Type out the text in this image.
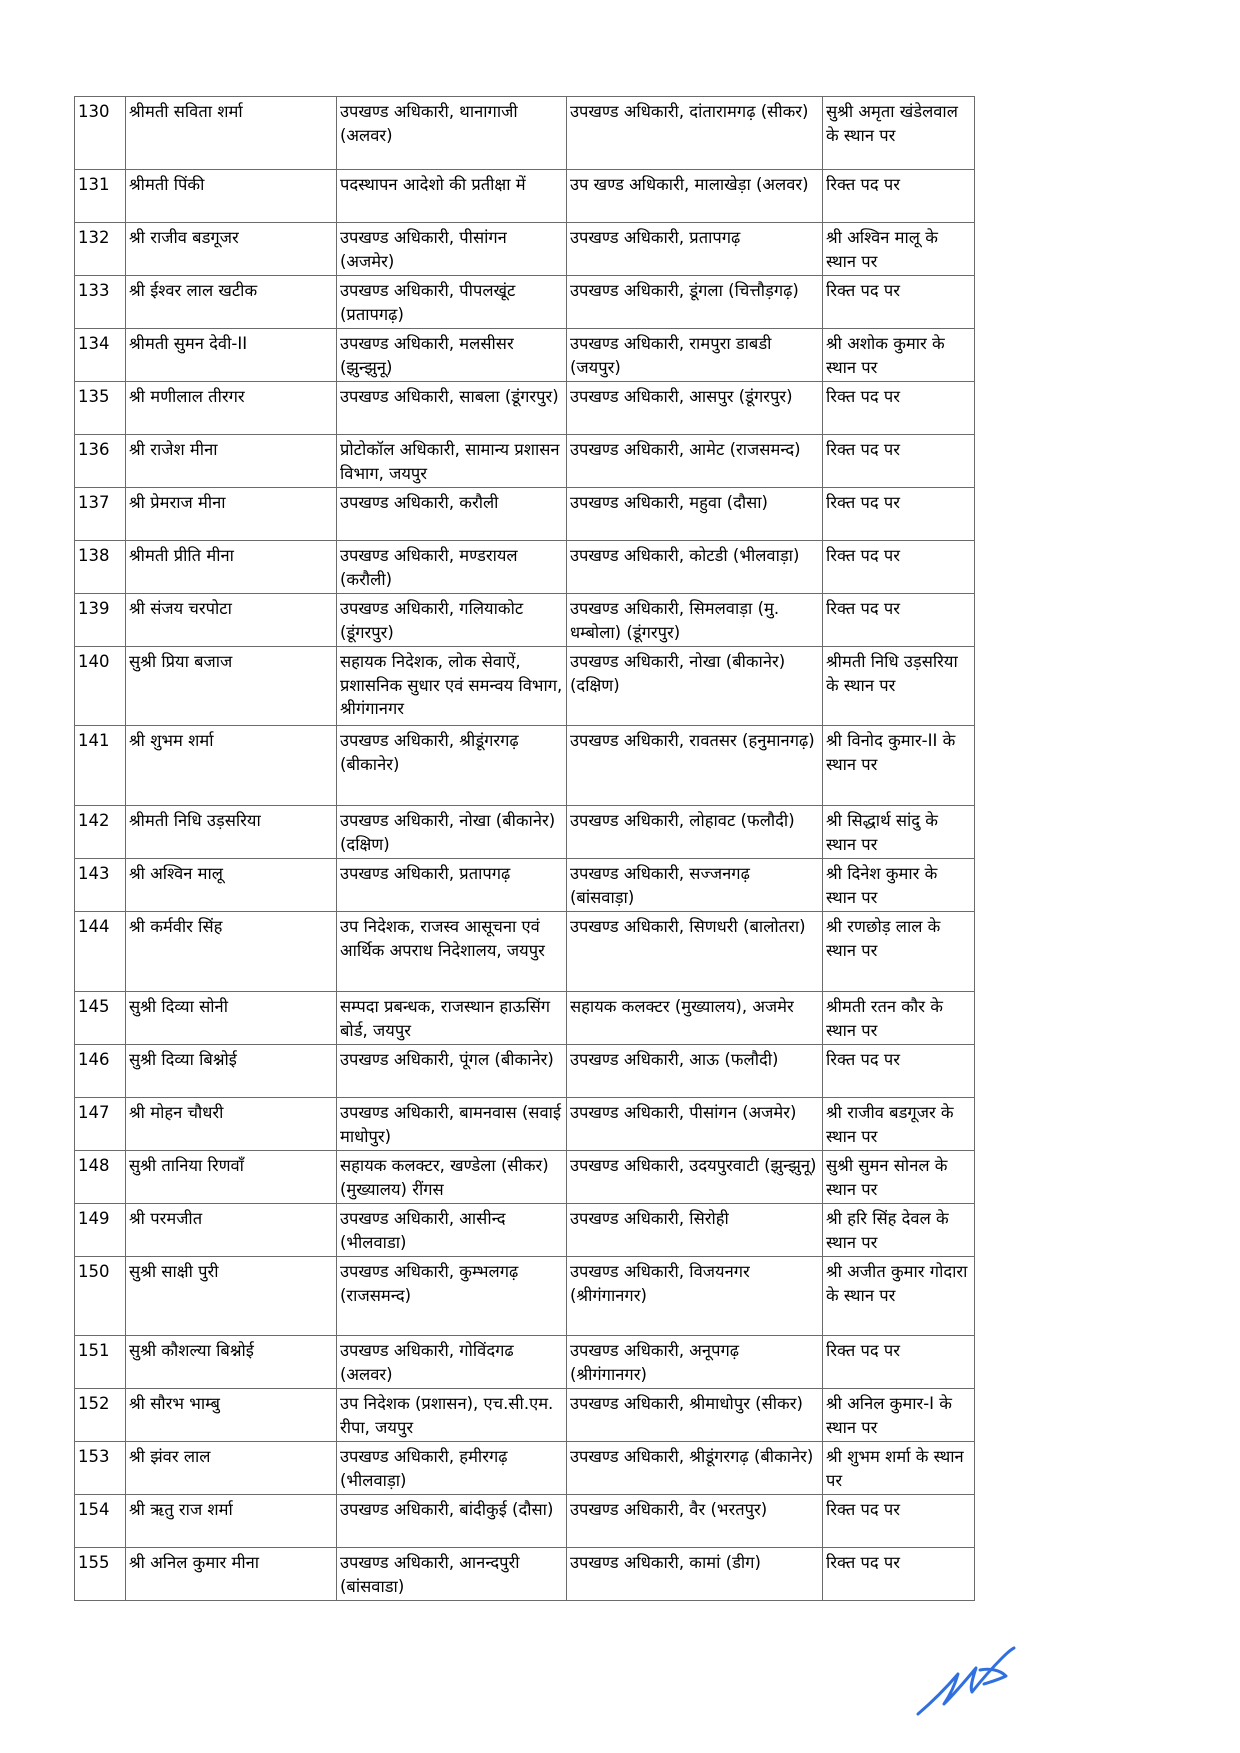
130	श्रीमती सविता शर्मा	उपखण्ड अधिकारी, थानागाजी (अलवर)	उपखण्ड अधिकारी, दांतारामगढ़ (सीकर)	सुश्री अमृता खंडेलवाल के स्थान पर
131	श्रीमती पिंकी	पदस्थापन आदेशो की प्रतीक्षा में	उप खण्ड अधिकारी, मालाखेड़ा (अलवर)	रिक्त पद पर
132	श्री राजीव बडगूजर	उपखण्ड अधिकारी, पीसांगन (अजमेर)	उपखण्ड अधिकारी, प्रतापगढ़	श्री अश्विन मालू के स्थान पर
133	श्री ईश्वर लाल खटीक	उपखण्ड अधिकारी, पीपलखूंट (प्रतापगढ़)	उपखण्ड अधिकारी, डूंगला (चित्तौड़गढ़)	रिक्त पद पर
134	श्रीमती सुमन देवी-II	उपखण्ड अधिकारी, मलसीसर (झुन्झुनू)	उपखण्ड अधिकारी, रामपुरा डाबडी (जयपुर)	श्री अशोक कुमार के स्थान पर
135	श्री मणीलाल तीरगर	उपखण्ड अधिकारी, साबला (डूंगरपुर)	उपखण्ड अधिकारी, आसपुर (डूंगरपुर)	रिक्त पद पर
136	श्री राजेश मीना	प्रोटोकॉल अधिकारी, सामान्य प्रशासन विभाग, जयपुर	उपखण्ड अधिकारी, आमेट (राजसमन्द)	रिक्त पद पर
137	श्री प्रेमराज मीना	उपखण्ड अधिकारी, करौली	उपखण्ड अधिकारी, महुवा (दौसा)	रिक्त पद पर
138	श्रीमती प्रीति मीना	उपखण्ड अधिकारी, मण्डरायल (करौली)	उपखण्ड अधिकारी, कोटडी (भीलवाड़ा)	रिक्त पद पर
139	श्री संजय चरपोटा	उपखण्ड अधिकारी, गलियाकोट (डूंगरपुर)	उपखण्ड अधिकारी, सिमलवाड़ा (मु. धम्बोला) (डूंगरपुर)	रिक्त पद पर
140	सुश्री प्रिया बजाज	सहायक निदेशक, लोक सेवाऐं, प्रशासनिक सुधार एवं समन्वय विभाग, श्रीगंगानगर	उपखण्ड अधिकारी, नोखा (बीकानेर) (दक्षिण)	श्रीमती निधि उड़सरिया के स्थान पर
141	श्री शुभम शर्मा	उपखण्ड अधिकारी, श्रीडूंगरगढ़ (बीकानेर)	उपखण्ड अधिकारी, रावतसर (हनुमानगढ़)	श्री विनोद कुमार-II के स्थान पर
142	श्रीमती निधि उड़सरिया	उपखण्ड अधिकारी, नोखा (बीकानेर) (दक्षिण)	उपखण्ड अधिकारी, लोहावट (फलौदी)	श्री सिद्धार्थ सांदु के स्थान पर
143	श्री अश्विन मालू	उपखण्ड अधिकारी, प्रतापगढ़	उपखण्ड अधिकारी, सज्जनगढ़ (बांसवाड़ा)	श्री दिनेश कुमार के स्थान पर
144	श्री कर्मवीर सिंह	उप निदेशक, राजस्व आसूचना एवं आर्थिक अपराध निदेशालय, जयपुर	उपखण्ड अधिकारी, सिणधरी (बालोतरा)	श्री रणछोड़ लाल के स्थान पर
145	सुश्री दिव्या सोनी	सम्पदा प्रबन्धक, राजस्थान हाऊसिंग बोर्ड, जयपुर	सहायक कलक्टर (मुख्यालय), अजमेर	श्रीमती रतन कौर के स्थान पर
146	सुश्री दिव्या बिश्नोई	उपखण्ड अधिकारी, पूंगल (बीकानेर)	उपखण्ड अधिकारी, आऊ (फलौदी)	रिक्त पद पर
147	श्री मोहन चौधरी	उपखण्ड अधिकारी, बामनवास (सवाई माधोपुर)	उपखण्ड अधिकारी, पीसांगन (अजमेर)	श्री राजीव बडगूजर के स्थान पर
148	सुश्री तानिया रिणवाँ	सहायक कलक्टर, खण्डेला (सीकर) (मुख्यालय) रींगस	उपखण्ड अधिकारी, उदयपुरवाटी (झुन्झुनू)	सुश्री सुमन सोनल के स्थान पर
149	श्री परमजीत	उपखण्ड अधिकारी, आसीन्द (भीलवाडा)	उपखण्ड अधिकारी, सिरोही	श्री हरि सिंह देवल के स्थान पर
150	सुश्री साक्षी पुरी	उपखण्ड अधिकारी, कुम्भलगढ़ (राजसमन्द)	उपखण्ड अधिकारी, विजयनगर (श्रीगंगानगर)	श्री अजीत कुमार गोदारा के स्थान पर
151	सुश्री कौशल्या बिश्नोई	उपखण्ड अधिकारी, गोविंदगढ (अलवर)	उपखण्ड अधिकारी, अनूपगढ़ (श्रीगंगानगर)	रिक्त पद पर
152	श्री सौरभ भाम्बु	उप निदेशक (प्रशासन), एच.सी.एम. रीपा, जयपुर	उपखण्ड अधिकारी, श्रीमाधोपुर (सीकर)	श्री अनिल कुमार-I के स्थान पर
153	श्री झंवर लाल	उपखण्ड अधिकारी, हमीरगढ़ (भीलवाड़ा)	उपखण्ड अधिकारी, श्रीडूंगरगढ़ (बीकानेर)	श्री शुभम शर्मा के स्थान पर
154	श्री ऋतु राज शर्मा	उपखण्ड अधिकारी, बांदीकुई (दौसा)	उपखण्ड अधिकारी, वैर (भरतपुर)	रिक्त पद पर
155	श्री अनिल कुमार मीना	उपखण्ड अधिकारी, आनन्दपुरी (बांसवाडा)	उपखण्ड अधिकारी, कामां (डीग)	रिक्त पद पर
